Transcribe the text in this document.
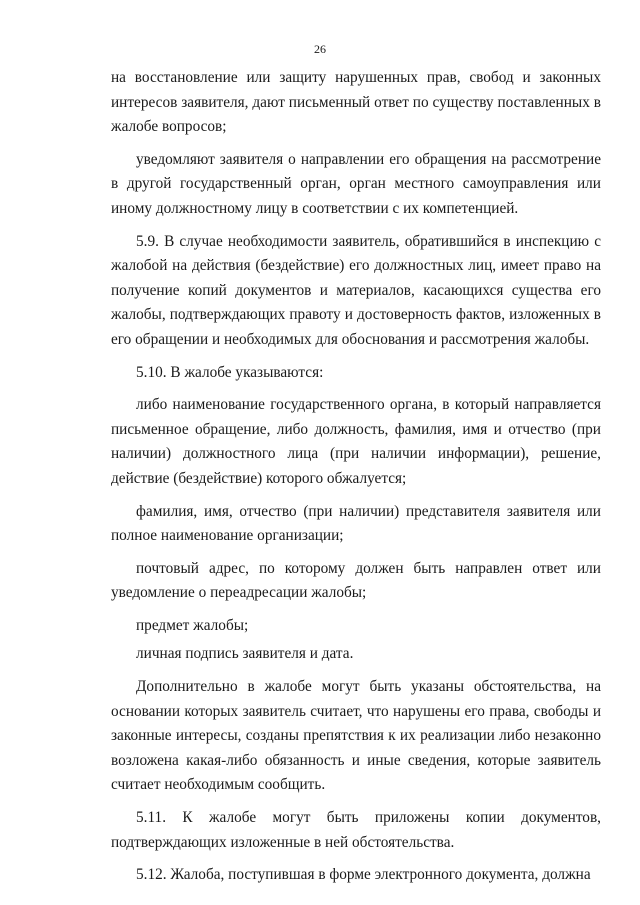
26

на восстановление или защиту нарушенных прав, свобод и законных интересов заявителя, дают письменный ответ по существу поставленных в жалобе вопросов;

уведомляют заявителя о направлении его обращения на рассмотрение в другой государственный орган, орган местного самоуправления или иному должностному лицу в соответствии с их компетенцией.

5.9. В случае необходимости заявитель, обратившийся в инспекцию с жалобой на действия (бездействие) его должностных лиц, имеет право на получение копий документов и материалов, касающихся существа его жалобы, подтверждающих правоту и достоверность фактов, изложенных в его обращении и необходимых для обоснования и рассмотрения жалобы.

5.10. В жалобе указываются:

либо наименование государственного органа, в который направляется письменное обращение, либо должность, фамилия, имя и отчество (при наличии) должностного лица (при наличии информации), решение, действие (бездействие) которого обжалуется;

фамилия, имя, отчество (при наличии) представителя заявителя или полное наименование организации;

почтовый адрес, по которому должен быть направлен ответ или уведомление о переадресации жалобы;

предмет жалобы;

личная подпись заявителя и дата.

Дополнительно в жалобе могут быть указаны обстоятельства, на основании которых заявитель считает, что нарушены его права, свободы и законные интересы, созданы препятствия к их реализации либо незаконно возложена какая-либо обязанность и иные сведения, которые заявитель считает необходимым сообщить.

5.11. К жалобе могут быть приложены копии документов, подтверждающих изложенные в ней обстоятельства.

5.12. Жалоба, поступившая в форме электронного документа, должна
